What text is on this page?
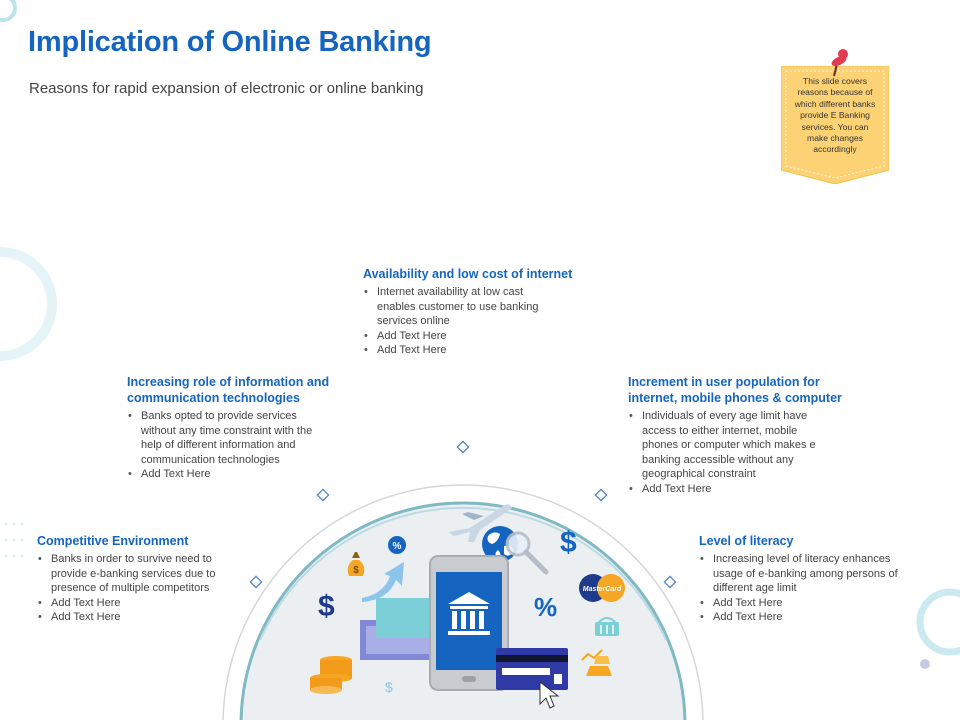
$
%
$
$
$
%
MasterCard
Implication of Online Banking
Reasons for rapid expansion of electronic or online banking	This slide covers reasons because of which different banks provide E Banking services. You can make changes accordingly
Availability and low cost of internet
• Internet availability at low cast enables customer to use banking services online
• Add Text Here
• Add Text Here
Increasing role of information and communication technologies
• Banks opted to provide services without any time constraint with the help of different information and communication technologies
• Add Text Here
Increment in user population for internet, mobile phones & computer
• Individuals of every age limit have access to either internet, mobile phones or computer which makes e banking accessible without any geographical constraint
• Add Text Here
Competitive Environment
• Banks in order to survive need to provide e-banking services due to presence of multiple competitors
• Add Text Here
• Add Text Here
Level of literacy
• Increasing level of literacy enhances usage of e-banking among persons of different age limit
• Add Text Here
• Add Text Here
